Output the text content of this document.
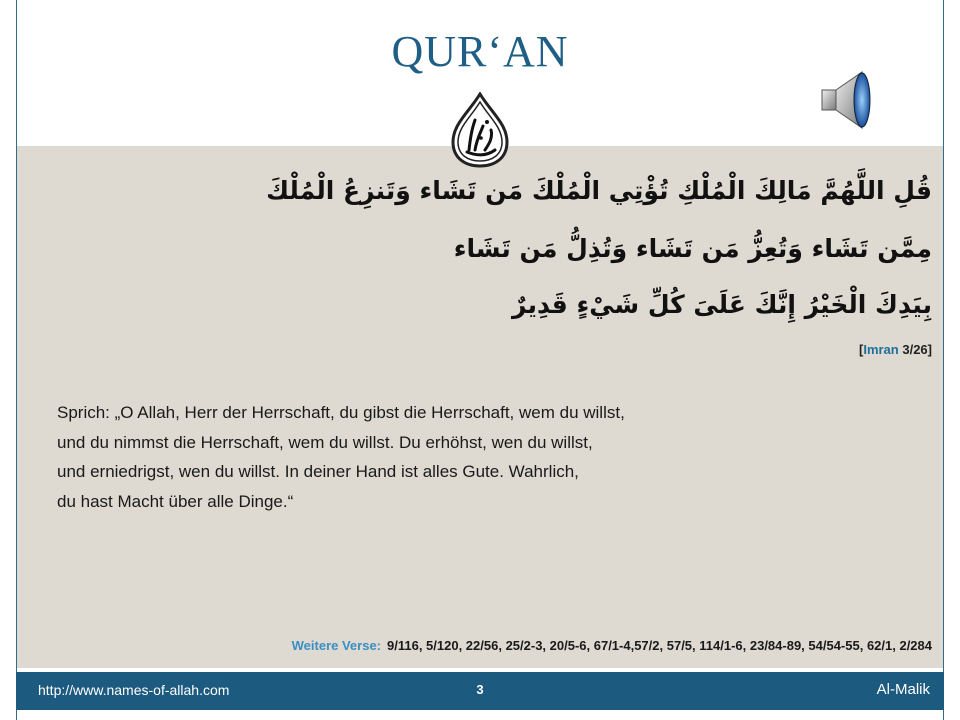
QUR‘AN
قُلِ اللَّهُمَّ مَالِكَ الْمُلْكِ تُؤْتِي الْمُلْكَ مَن تَشَاء وَتَنزِعُ الْمُلْكَ
مِمَّن تَشَاء وَتُعِزُّ مَن تَشَاء وَتُذِلُّ مَن تَشَاء
بِيَدِكَ الْخَيْرُ إِنَّكَ عَلَىَ كُلِّ شَيْءٍ قَدِيرٌ
[Imran 3/26]
Sprich: „O Allah, Herr der Herrschaft, du gibst die Herrschaft, wem du willst,
und du nimmst die Herrschaft, wem du willst. Du erhöhst, wen du willst,
und erniedrigst, wen du willst. In deiner Hand ist alles Gute. Wahrlich,
du hast Macht über alle Dinge.“
Weitere Verse: 9/116, 5/120, 22/56, 25/2-3, 20/5-6, 67/1-4,57/2, 57/5, 114/1-6, 23/84-89, 54/54-55, 62/1, 2/284
http://www.names-of-allah.com	3	Al-Malik
